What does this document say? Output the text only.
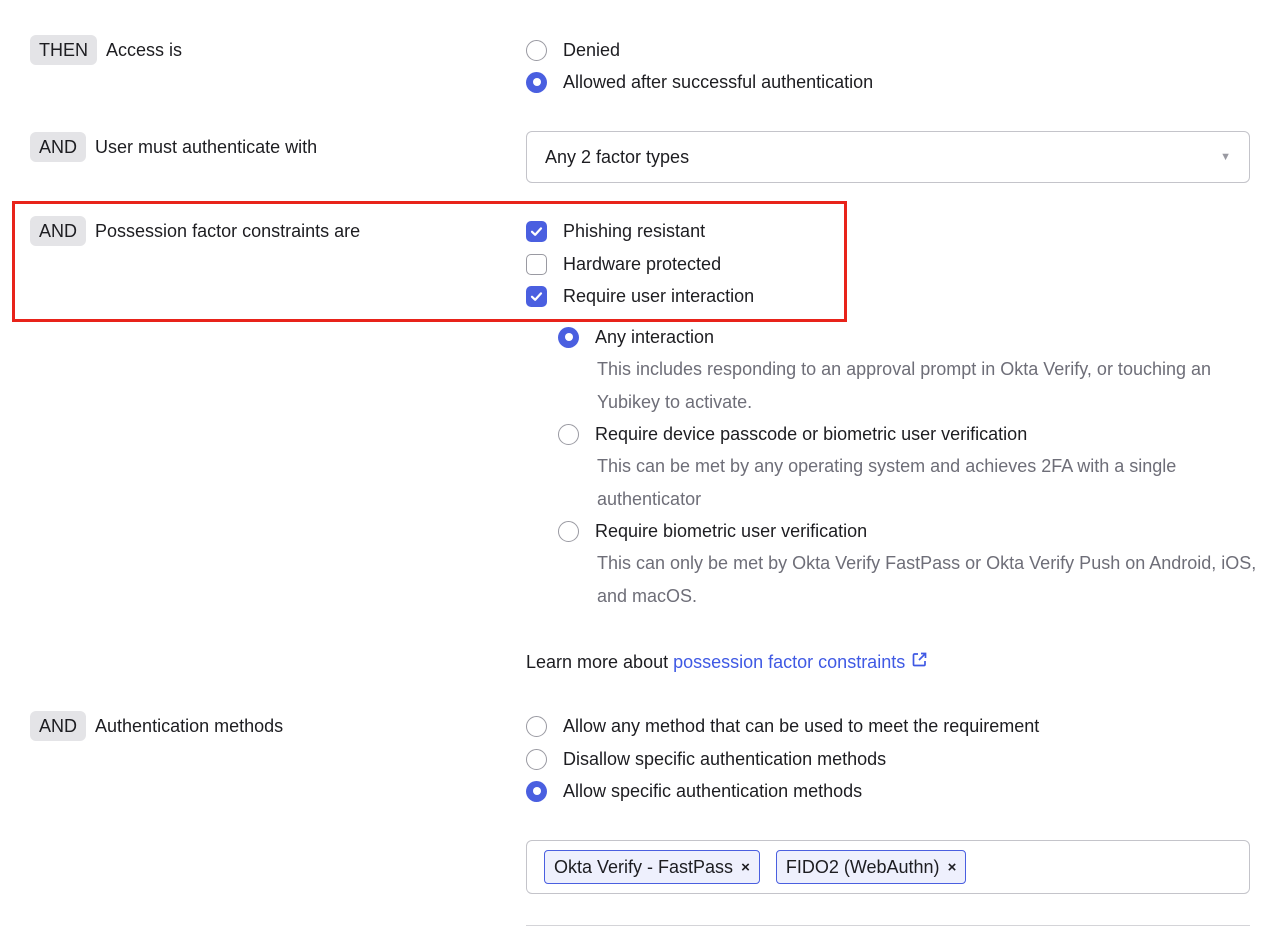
THEN	Access is	Denied
Allowed after successful authentication
AND	User must authenticate with	Any 2 factor types	▼
AND	Possession factor constraints are	Phishing resistant
Hardware protected
Require user interaction
Any interaction
This includes responding to an approval prompt in Okta Verify, or touching an Yubikey to activate.
Require device passcode or biometric user verification
This can be met by any operating system and achieves 2FA with a single authenticator
Require biometric user verification
This can only be met by Okta Verify FastPass or Okta Verify Push on Android, iOS, and macOS.
Learn more about possession factor constraints
AND	Authentication methods	Allow any method that can be used to meet the requirement
Disallow specific authentication methods
Allow specific authentication methods
Okta Verify - FastPass × FIDO2 (WebAuthn) ×
